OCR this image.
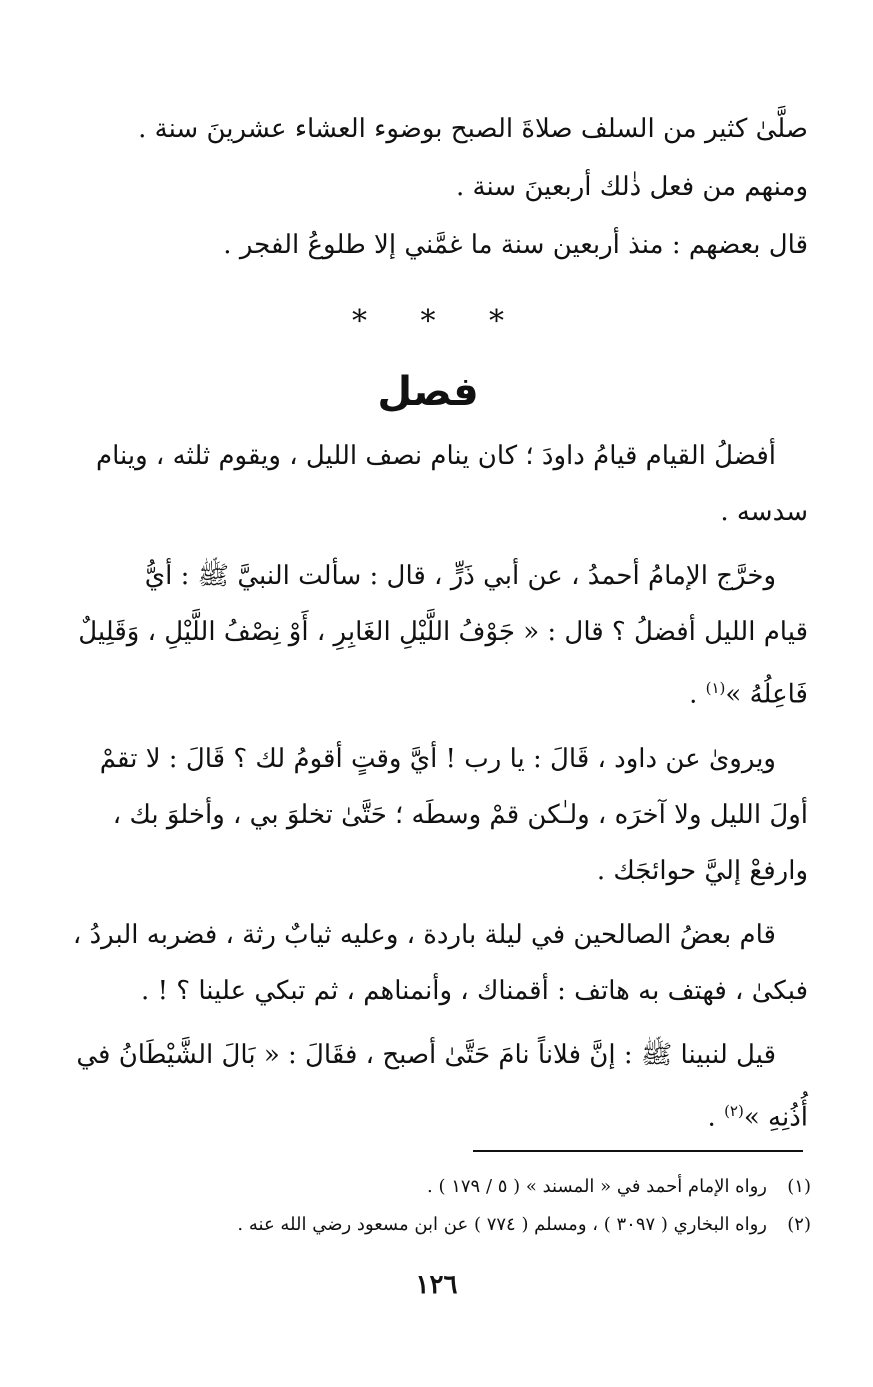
صلَّىٰ كثير من السلف صلاةَ الصبح بوضوء العشاء عشرينَ سنة .

ومنهم من فعل ذٰلك أربعينَ سنة .

قال بعضهم : منذ أربعين سنة ما غمَّني إلا طلوعُ الفجر .

* * *
فصل

أفضلُ القيام قيامُ داودَ ؛ كان ينام نصف الليل ، ويقوم ثلثه ، وينام

سدسه .

وخرَّج الإمامُ أحمدُ ، عن أبي ذَرٍّ ، قال : سألت النبيَّ ﷺ : أيُّ

قيام الليل أفضلُ ؟ قال : « جَوْفُ اللَّيْلِ الغَابِرِ ، أَوْ نِصْفُ اللَّيْلِ ، وَقَلِيلٌ

فَاعِلُهُ »$^{(١)}$ .

ويروىٰ عن داود ، قَالَ : يا رب ! أيَّ وقتٍ أقومُ لك ؟ قَالَ : لا تقمْ

أولَ الليل ولا آخرَه ، ولـٰكن قمْ وسطَه ؛ حَتَّىٰ تخلوَ بي ، وأخلوَ بك ،

وارفعْ إليَّ حوائجَك .

قام بعضُ الصالحين في ليلة باردة ، وعليه ثيابٌ رثة ، فضربه البردُ ،

فبكىٰ ، فهتف به هاتف : أقمناك ، وأنمناهم ، ثم تبكي علينا ؟ ! .

قيل لنبينا ﷺ : إنَّ فلاناً نامَ حَتَّىٰ أصبح ، فقَالَ : « بَالَ الشَّيْطَانُ في

أُذُنِهِ »$^{(٢)}$ .

(١)رواه الإمام أحمد في « المسند » ( ٥ / ١٧٩ ) .
(٢)رواه البخاري ( ٣٠٩٧ ) ، ومسلم ( ٧٧٤ ) عن ابن مسعود رضي الله عنه .
١٢٦
